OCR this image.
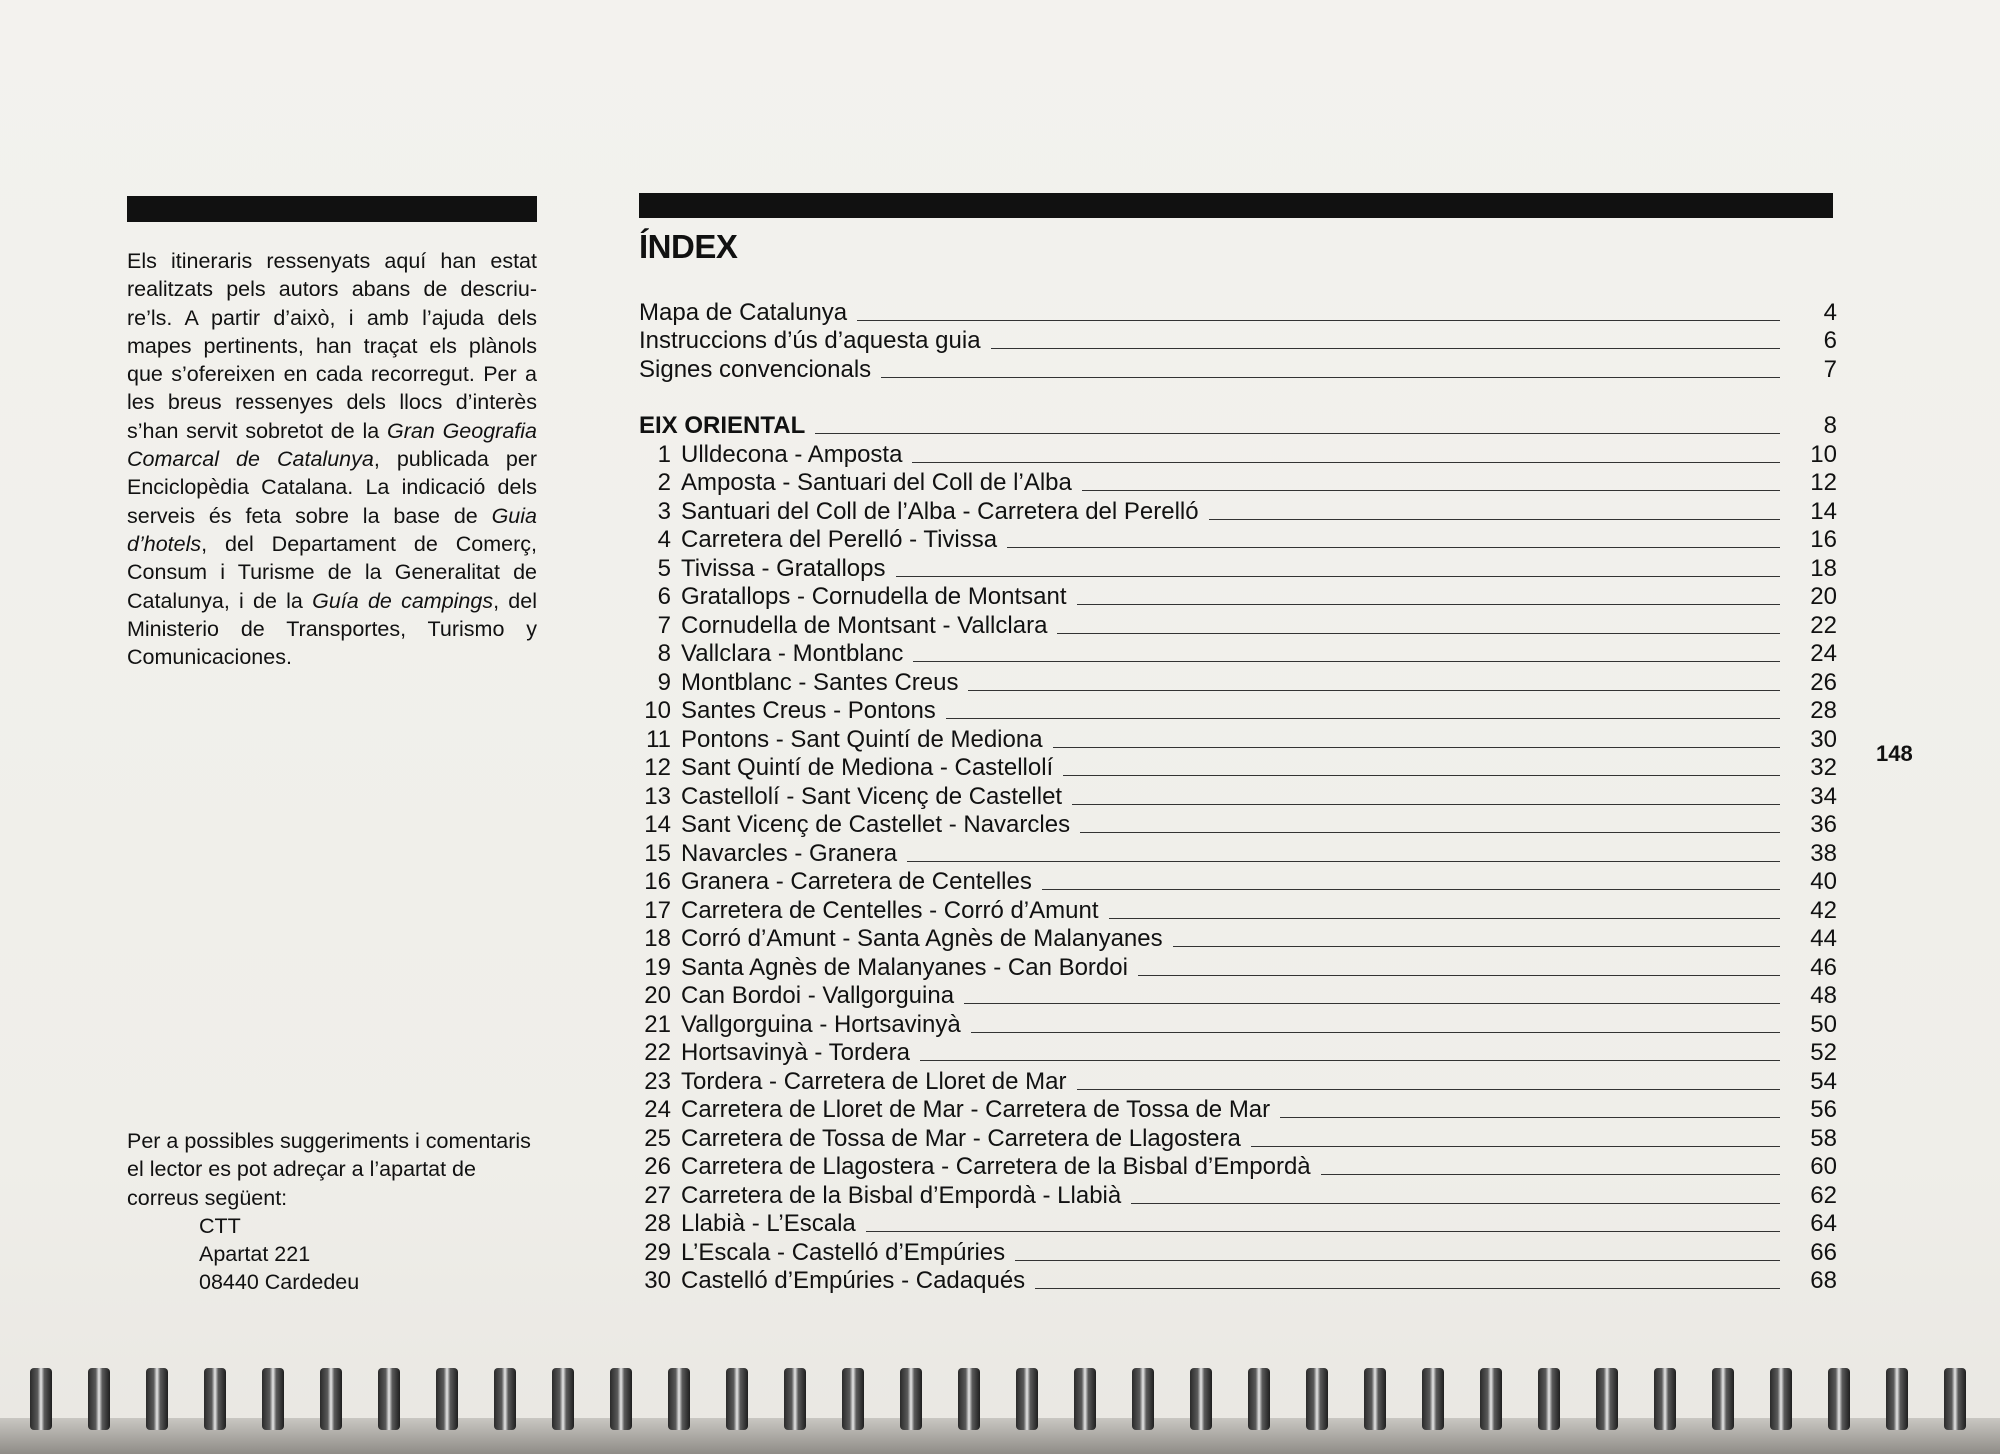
Els itineraris ressenyats aquí han estat realitzats pels autors abans de descriure’ls. A partir d’això, i amb l’ajuda dels mapes pertinents, han traçat els plànols que s’ofereixen en cada recorregut. Per a les breus ressenyes dels llocs d’interès s’han servit sobretot de la Gran Geografia Comarcal de Catalunya, publicada per Enciclopèdia Catalana. La indicació dels serveis és feta sobre la base de Guia d’hotels, del Departament de Comerç, Consum i Turisme de la Generalitat de Catalunya, i de la Guía de campings, del Ministerio de Transportes, Turismo y Comunicaciones.
Per a possibles suggeriments i comentaris el lector es pot adreçar a l’apartat de correus següent:
CTT
Apartat 221
08440 Cardedeu
ÍNDEX
Mapa de Catalunya	4
Instruccions d’ús d’aquesta guia	6
Signes convencionals	7
EIX ORIENTAL	8
1 Ulldecona - Amposta	10
2 Amposta - Santuari del Coll de l’Alba	12
3 Santuari del Coll de l’Alba - Carretera del Perelló	14
4 Carretera del Perelló - Tivissa	16
5 Tivissa - Gratallops	18
6 Gratallops - Cornudella de Montsant	20
7 Cornudella de Montsant - Vallclara	22
8 Vallclara - Montblanc	24
9 Montblanc - Santes Creus	26
10 Santes Creus - Pontons	28
11 Pontons - Sant Quintí de Mediona	30
12 Sant Quintí de Mediona - Castellolí	32
13 Castellolí - Sant Vicenç de Castellet	34
14 Sant Vicenç de Castellet - Navarcles	36
15 Navarcles - Granera	38
16 Granera - Carretera de Centelles	40
17 Carretera de Centelles - Corró d’Amunt	42
18 Corró d’Amunt - Santa Agnès de Malanyanes	44
19 Santa Agnès de Malanyanes - Can Bordoi	46
20 Can Bordoi - Vallgorguina	48
21 Vallgorguina - Hortsavinyà	50
22 Hortsavinyà - Tordera	52
23 Tordera - Carretera de Lloret de Mar	54
24 Carretera de Lloret de Mar - Carretera de Tossa de Mar	56
25 Carretera de Tossa de Mar - Carretera de Llagostera	58
26 Carretera de Llagostera - Carretera de la Bisbal d’Empordà	60
27 Carretera de la Bisbal d’Empordà - Llabià	62
28 Llabià - L’Escala	64
29 L’Escala - Castelló d’Empúries	66
30 Castelló d’Empúries - Cadaqués	68
148
